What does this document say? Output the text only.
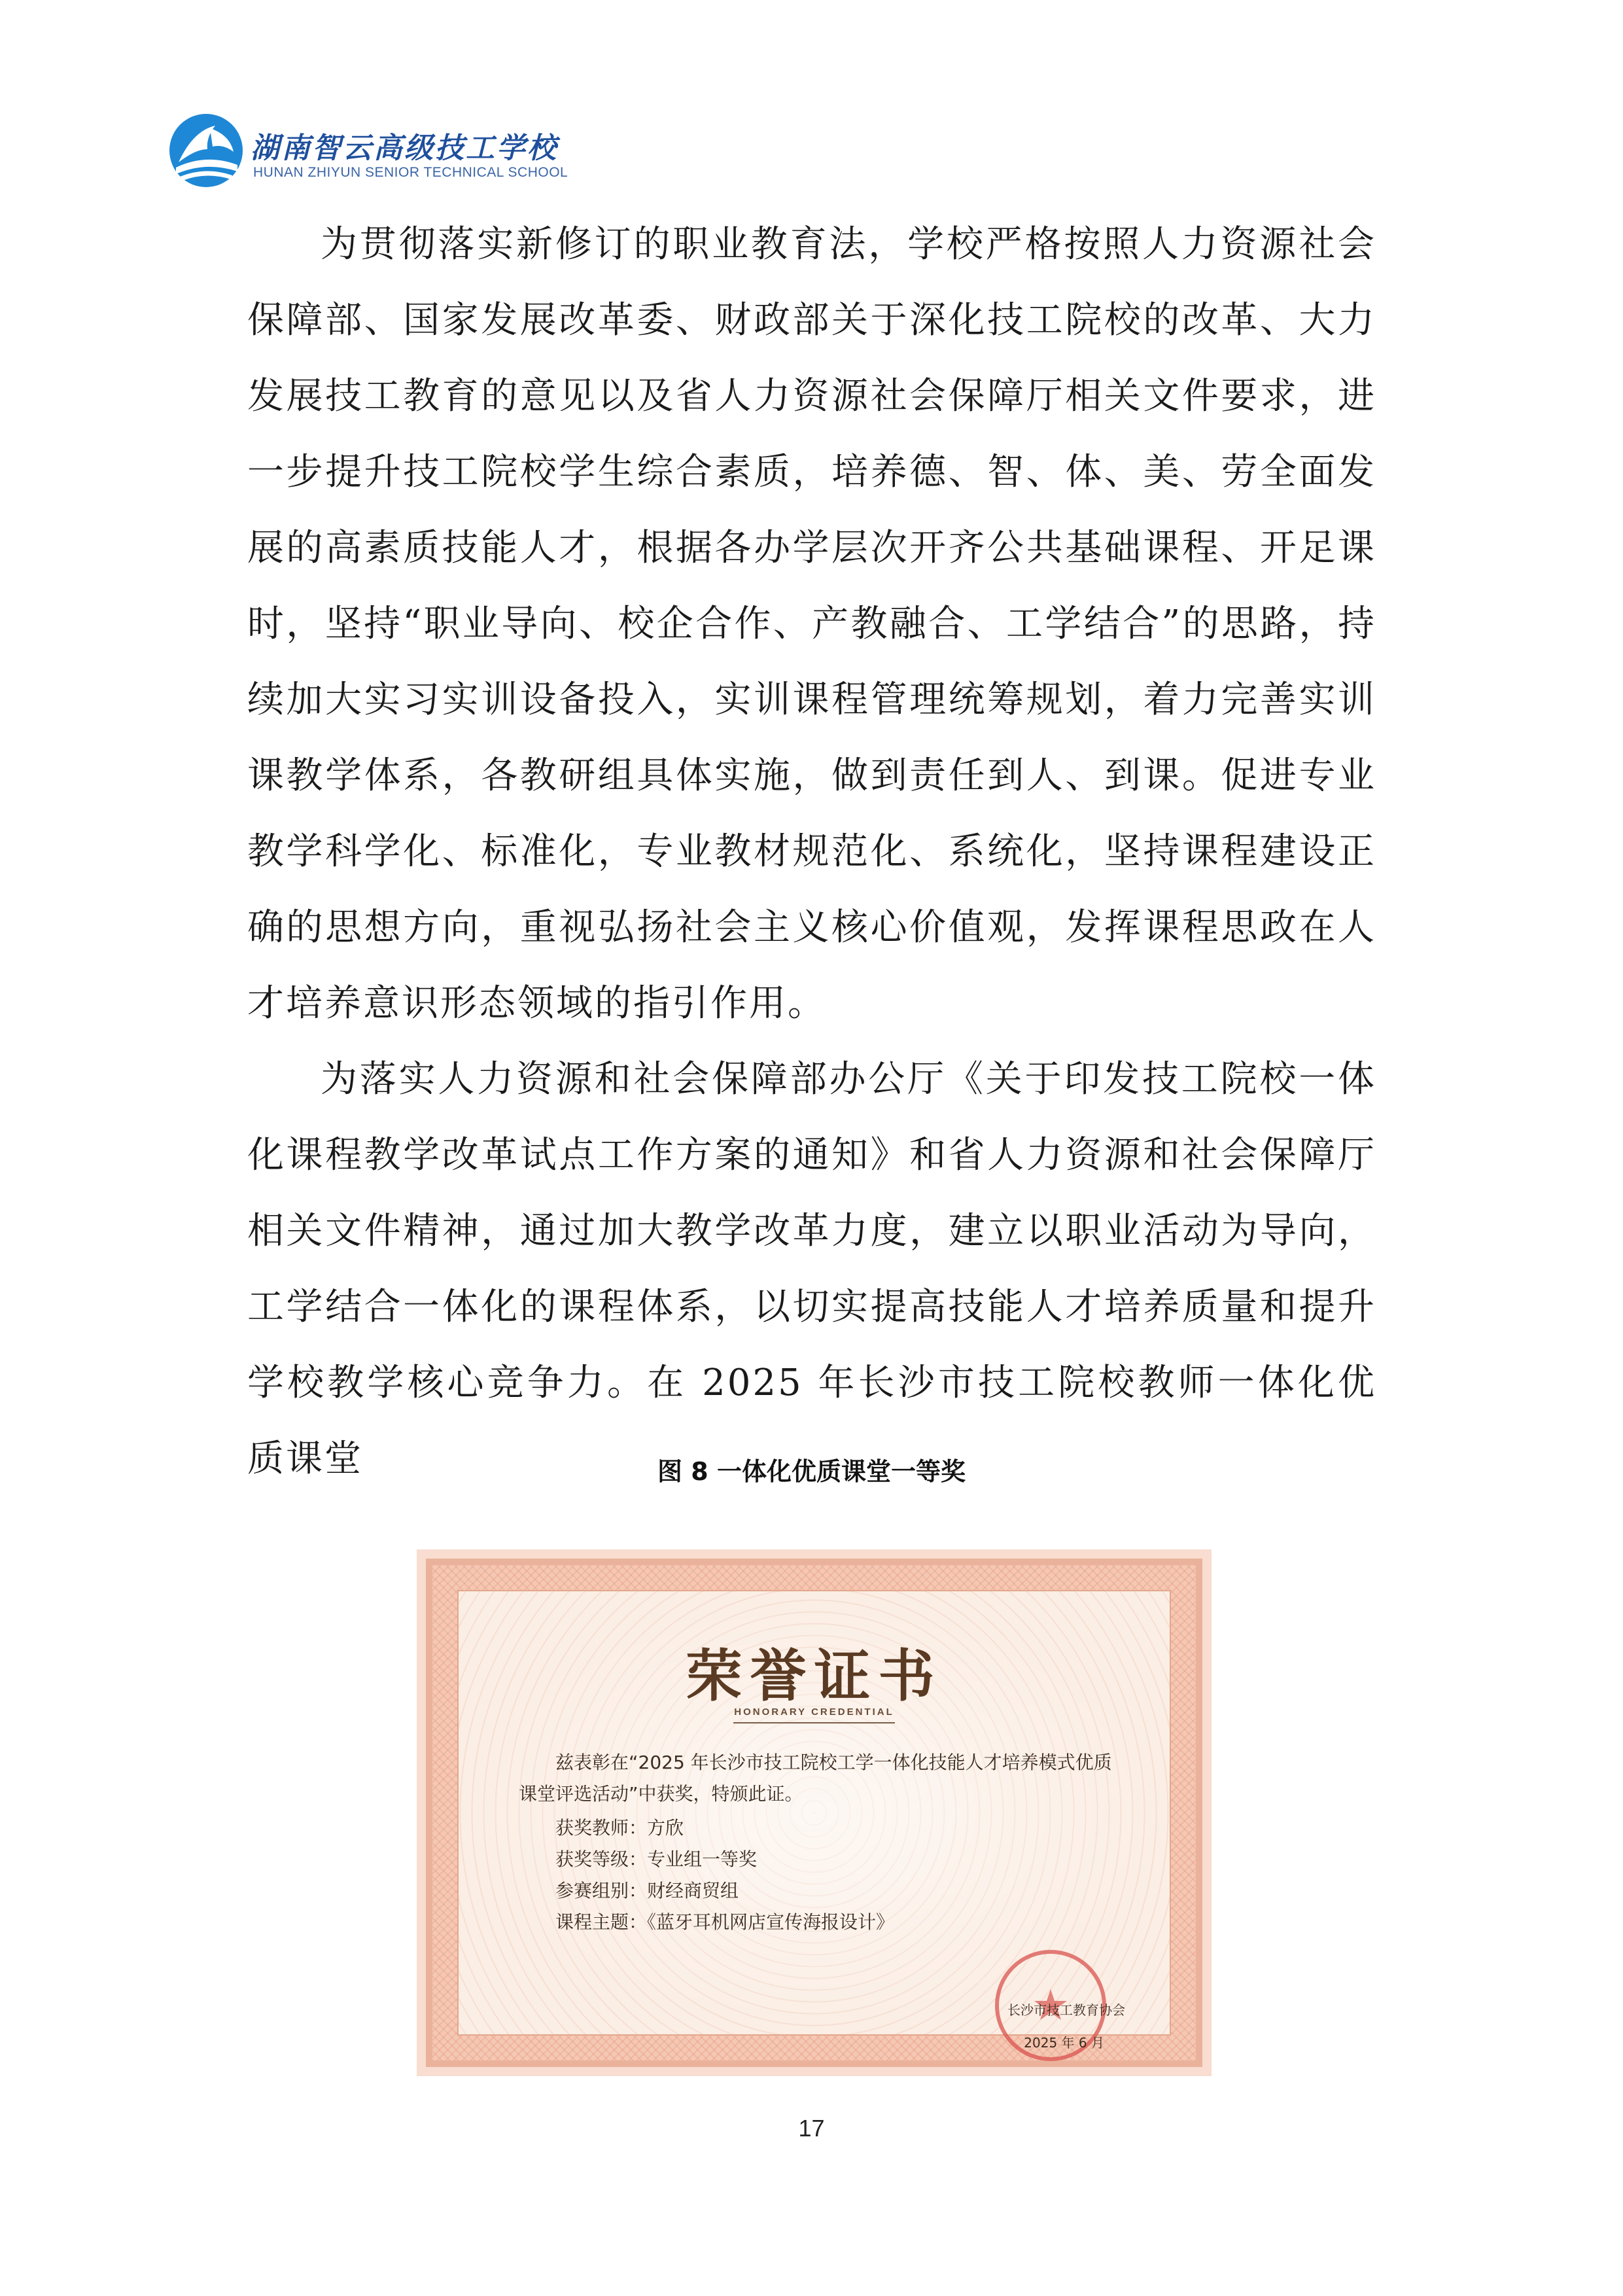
湖南智云高级技工学校
HUNAN ZHIYUN SENIOR TECHNICAL SCHOOL

为贯彻落实新修订的职业教育法，学校严格按照人力资源社会保障部、国家发展改革委、财政部关于深化技工院校的改革、大力发展技工教育的意见以及省人力资源社会保障厅相关文件要求，进一步提升技工院校学生综合素质，培养德、智、体、美、劳全面发展的高素质技能人才，根据各办学层次开齐公共基础课程、开足课时，坚持“职业导向、校企合作、产教融合、工学结合”的思路，持续加大实习实训设备投入，实训课程管理统筹规划，着力完善实训课教学体系，各教研组具体实施，做到责任到人、到课。促进专业教学科学化、标准化，专业教材规范化、系统化，坚持课程建设正确的思想方向，重视弘扬社会主义核心价值观，发挥课程思政在人才培养意识形态领域的指引作用。

为落实人力资源和社会保障部办公厅《关于印发技工院校一体化课程教学改革试点工作方案的通知》和省人力资源和社会保障厅相关文件精神，通过加大教学改革力度，建立以职业活动为导向，工学结合一体化的课程体系，以切实提高技能人才培养质量和提升学校教学核心竞争力。在 2025 年长沙市技工院校教师一体化优质课堂	图 8 一体化优质课堂一等奖
荣誉证书
HONORARY CREDENTIAL

兹表彰在“2025 年长沙市技工院校工学一体化技能人才培养模式优质课堂评选活动”中获奖，特颁此证。

获奖教师：方欣
获奖等级：专业组一等奖
参赛组别：财经商贸组
课程主题：《蓝牙耳机网店宣传海报设计》
长沙市技工教育协会
2025 年 6 月
17
